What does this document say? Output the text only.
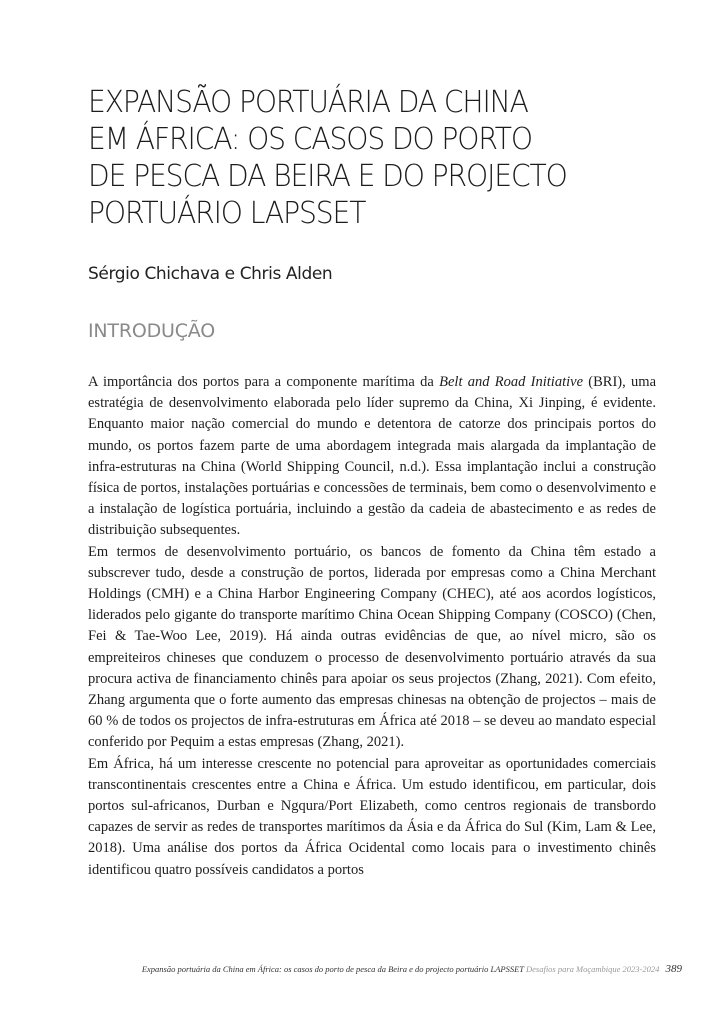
EXPANSÃO PORTUÁRIA DA CHINA
EM ÁFRICA: OS CASOS DO PORTO
DE PESCA DA BEIRA E DO PROJECTO
PORTUÁRIO LAPSSET
Sérgio Chichava e Chris Alden
INTRODUÇÃO

A importância dos portos para a componente marítima da Belt and Road Initiative (BRI), uma estratégia de desenvolvimento elaborada pelo líder supremo da China, Xi Jinping, é evidente. Enquanto maior nação comercial do mundo e detentora de catorze dos principais portos do mundo, os portos fazem parte de uma abordagem integrada mais alargada da implantação de infra-estruturas na China (World Shipping Council, n.d.). Essa implantação inclui a construção física de portos, instalações portuárias e concessões de terminais, bem como o desenvolvimento e a instalação de logística portuária, incluindo a gestão da cadeia de abastecimento e as redes de distribuição subsequentes.

Em termos de desenvolvimento portuário, os bancos de fomento da China têm estado a subscrever tudo, desde a construção de portos, liderada por empresas como a China Merchant Holdings (CMH) e a China Harbor Engineering Company (CHEC), até aos acordos logísticos, liderados pelo gigante do transporte marítimo China Ocean Shipping Company (COSCO) (Chen, Fei & Tae-Woo Lee, 2019). Há ainda outras evidências de que, ao nível micro, são os empreiteiros chineses que conduzem o processo de desenvolvimento portuário através da sua procura activa de financiamento chinês para apoiar os seus projectos (Zhang, 2021). Com efeito, Zhang argumenta que o forte aumento das empresas chinesas na obtenção de projectos – mais de 60 % de todos os projectos de infra-estruturas em África até 2018 – se deveu ao mandato especial conferido por Pequim a estas empresas (Zhang, 2021).

Em África, há um interesse crescente no potencial para aproveitar as oportunidades comerciais transcontinentais crescentes entre a China e África. Um estudo identificou, em particular, dois portos sul-africanos, Durban e Ngqura/Port Elizabeth, como centros regionais de transbordo capazes de servir as redes de transportes marítimos da Ásia e da África do Sul (Kim, Lam & Lee, 2018). Uma análise dos portos da África Ocidental como locais para o investimento chinês identificou quatro possíveis candidatos a portos

Expansão portuária da China em África: os casos do porto de pesca da Beira e do projecto portuário LAPSSET Desafios para Moçambique 2023-2024 389
